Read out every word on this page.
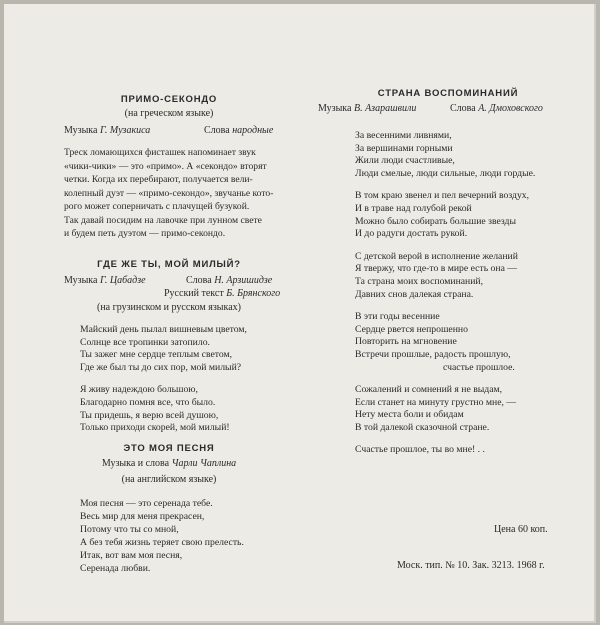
ПРИМО-СЕКОНДО
(на греческом языке)
Музыка Г. Музакиса	Слова народные

Треск ломающихся фисташек напоминает звук

«чики-чики» — это «примо». А «секондо» вторят

четки. Когда их перебирают, получается вели-

колепный дуэт — «примо-секондо», звучанье кото-

рого может соперничать с плачущей бузукой.

Так давай посидим на лавочке при лунном свете

и будем петь дуэтом — примо-секондо.

ГДЕ ЖЕ ТЫ, МОЙ МИЛЫЙ?
Музыка Г. Цабадзе	Слова Н. Арзишидзе
Русский текст Б. Брянского
(на грузинском и русском языках)
Майский день пылал вишневым цветом,
Солнце все тропинки затопило.
Ты зажег мне сердце теплым светом,
Где же был ты до сих пор, мой милый?
Я живу надеждою большою,
Благодарно помня все, что было.
Ты придешь, я верю всей душою,
Только приходи скорей, мой милый!
ЭТО МОЯ ПЕСНЯ
Музыка и слова Чарли Чаплина
(на английском языке)
Моя песня — это серенада тебе.
Весь мир для меня прекрасен,
Потому что ты со мной,
А без тебя жизнь теряет свою прелесть.
Итак, вот вам моя песня,
Серенада любви.
СТРАНА ВОСПОМИНАНИЙ
Музыка В. Азарашвили	Слова А. Дмоховского
За весенними ливнями,
За вершинами горными
Жили люди счастливые,
Люди смелые, люди сильные, люди гордые.
В том краю звенел и пел вечерний воздух,
И в траве над голубой рекой
Можно было собирать большие звезды
И до радуги достать рукой.
С детской верой в исполнение желаний
Я твержу, что где-то в мире есть она —
Та страна моих воспоминаний,
Давних снов далекая страна.
В эти годы весенние
Сердце рвется непрошенно
Повторить на мгновение
Встречи прошлые, радость прошлую,
счастье прошлое.
Сожалений и сомнений я не выдам,
Если станет на минуту грустно мне, —
Нету места боли и обидам
В той далекой сказочной стране.
Счастье прошлое, ты во мне! . .
Цена 60 коп.
Моск. тип. № 10. Зак. 3213. 1968 г.
